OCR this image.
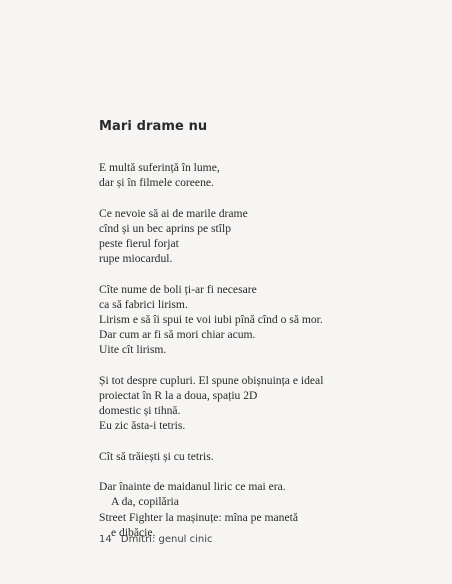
Mari drame nu
E multă suferință în lume,
dar și în filmele coreene.
Ce nevoie să ai de marile drame
cînd și un bec aprins pe stîlp
peste fierul forjat
rupe miocardul.
Cîte nume de boli ți-ar fi necesare
ca să fabrici lirism.
Lirism e să îi spui te voi iubi pînă cînd o să mor.
Dar cum ar fi să mori chiar acum.
Uite cît lirism.
Și tot despre cupluri. El spune obișnuința e ideal
proiectat în R la a doua, spațiu 2D
domestic și tihnă.
Eu zic ăsta-i tetris.
Cît să trăiești și cu tetris.
Dar înainte de maidanul liric ce mai era.
A da, copilăria
Street Fighter la mașinuțe: mîna pe manetă
e dibăcie.
14 Dmitri: genul cinic
